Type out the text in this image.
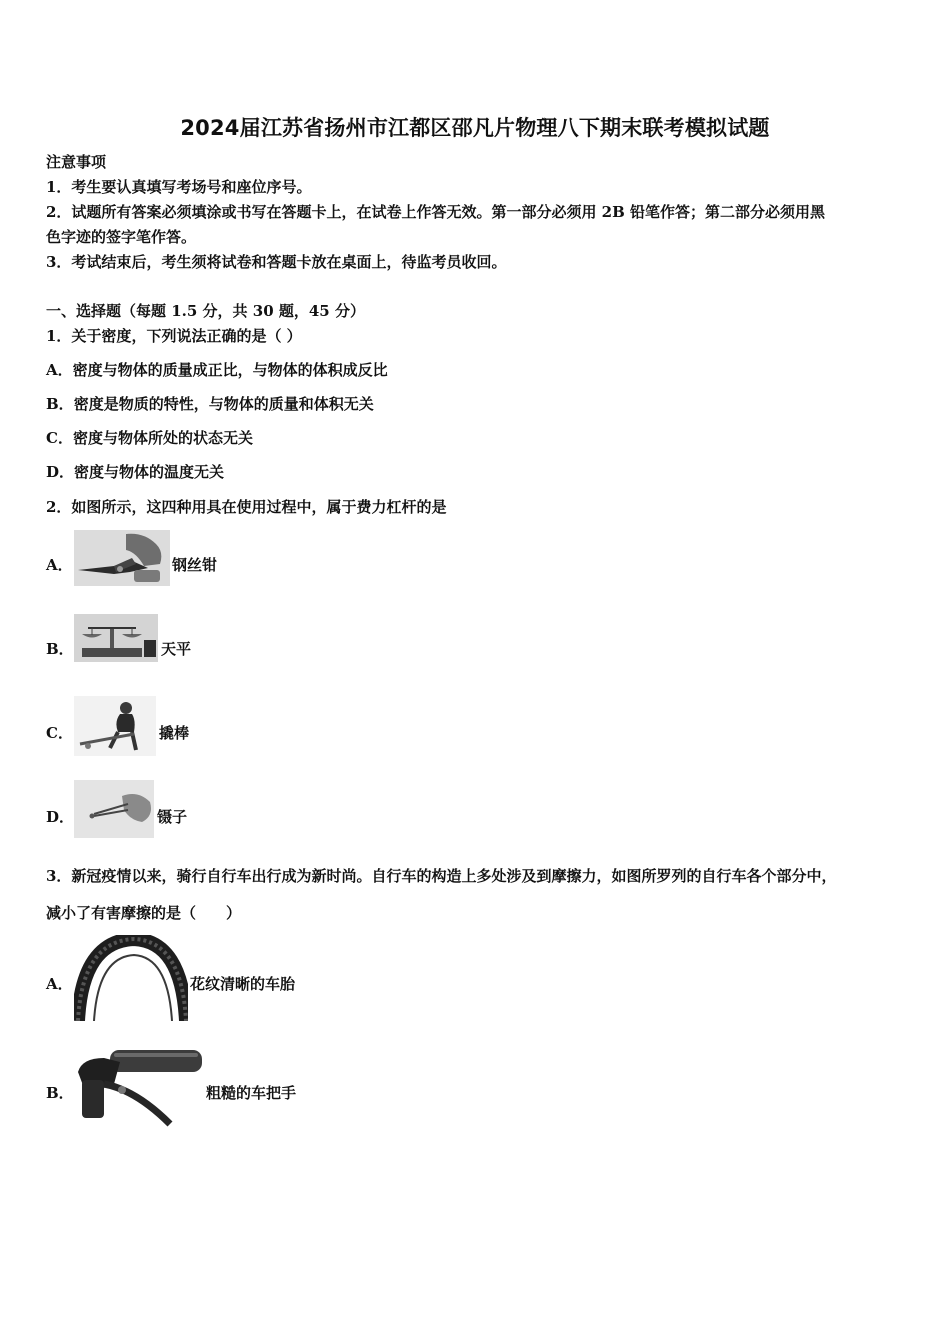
2024届江苏省扬州市江都区邵凡片物理八下期末联考模拟试题
注意事项
1．考生要认真填写考场号和座位序号。
2．试题所有答案必须填涂或书写在答题卡上，在试卷上作答无效。第一部分必须用 2B 铅笔作答；第二部分必须用黑
色字迹的签字笔作答。
3．考试结束后，考生须将试卷和答题卡放在桌面上，待监考员收回。
一、选择题（每题 1.5 分，共 30 题，45 分）
1．关于密度，下列说法正确的是（ ）
A．密度与物体的质量成正比，与物体的体积成反比
B．密度是物质的特性，与物体的质量和体积无关
C．密度与物体所处的状态无关
D．密度与物体的温度无关
2．如图所示，这四种用具在使用过程中，属于费力杠杆的是
A．	钢丝钳
B．	天平
C．	撬棒
D．	镊子
3．新冠疫情以来，骑行自行车出行成为新时尚。自行车的构造上多处涉及到摩擦力，如图所罗列的自行车各个部分中，
减小了有害摩擦的是（　　）
A．	花纹清晰的车胎
B．	粗糙的车把手
